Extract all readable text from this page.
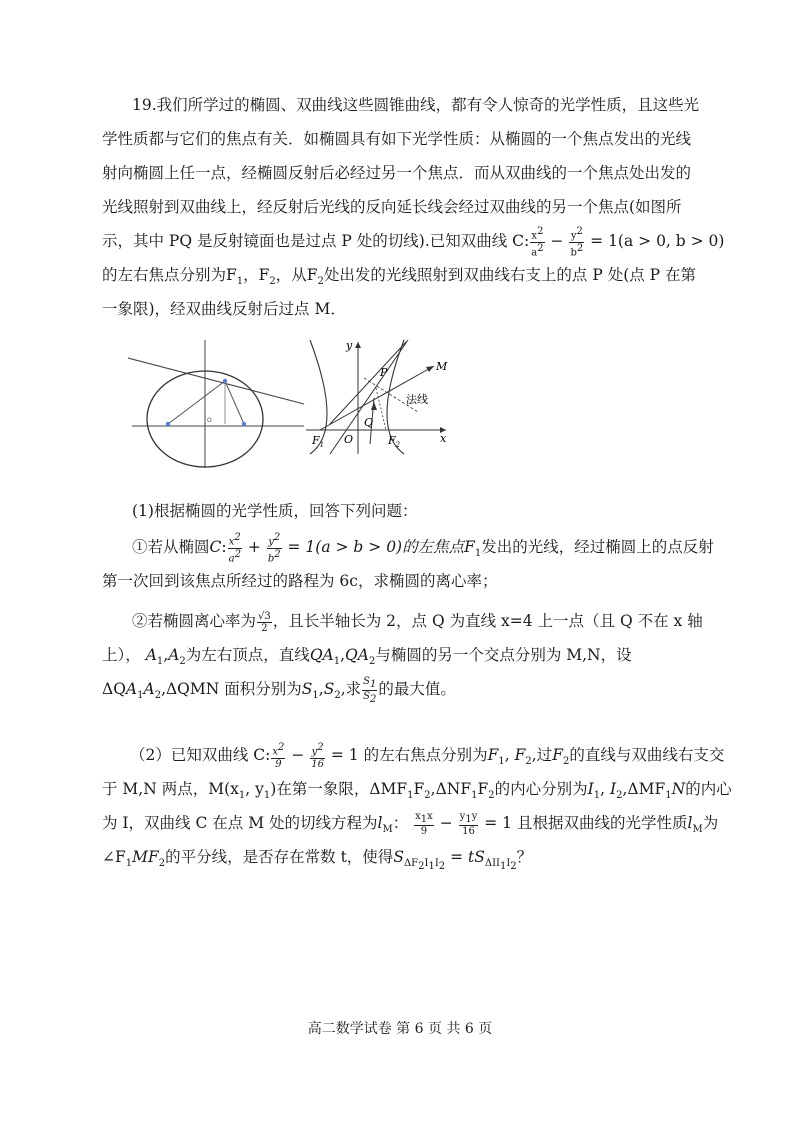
19.我们所学过的椭圆、双曲线这些圆锥曲线，都有令人惊奇的光学性质，且这些光
学性质都与它们的焦点有关．如椭圆具有如下光学性质：从椭圆的一个焦点发出的光线
射向椭圆上任一点，经椭圆反射后必经过另一个焦点．而从双曲线的一个焦点处出发的
光线照射到双曲线上，经反射后光线的反向延长线会经过双曲线的另一个焦点(如图所
示，其中 PQ 是反射镜面也是过点 P 处的切线).已知双曲线 C: $\frac{x^2}{a^2} - \frac{y^2}{b^2} = 1(a > 0$, b > 0)
的左右焦点分别为$F_1$，$F_2$，从$F_2$处出发的光线照射到双曲线右支上的点 P 处(点 P 在第
一象限)，经双曲线反射后过点 M．
O
y
x
M
P
Q
法线
$F_1$	$F_2$
O
(1)根据椭圆的光学性质，回答下列问题：
①若从椭圆C: $\frac{x^2}{a^2} + \frac{y^2}{b^2} = 1(a > b > 0)$的左焦点$F_1$发出的光线，经过椭圆上的点反射
第一次回到该焦点所经过的路程为 6c，求椭圆的离心率；
②若椭圆离心率为 $\frac{√3}{2}$ ，且长半轴长为 2，点 Q 为直线 x=4 上一点（且 Q 不在 x 轴
上）， $A_1,A_2$为左右顶点，直线$QA_1,QA_2$与椭圆的另一个交点分别为 M,N，设
$\Delta QA_1A_2,\Delta QMN$ 面积分别为$S_1,S_2$,求 $\frac{S_1}{S_2}$ 的最大值。
（2）已知双曲线 C: $\frac{x^2}{9} - \frac{y^2}{16} = 1$ 的左右焦点分别为$F_1$, $F_2$,过$F_2$的直线与双曲线右支交
于 M,N 两点，$M(x_1$, $y_1$)在第一象限，$\Delta MF_1F_2,\Delta NF_1F_2$的内心分别为$I_1$, $I_2,\Delta MF_1N$的内心
为 I，双曲线 C 在点 M 处的切线方程为$l_M$： $\frac{x_1x}{9} - \frac{y_1y}{16} = 1$ 且根据双曲线的光学性质$l_M$为
$\angle F_1MF_2$的平分线，是否存在常数 t，使得$S_{\Delta F_2I_1I_2} = tS_{\Delta II_1I_2}$？
高二数学试卷 第 6 页 共 6 页
